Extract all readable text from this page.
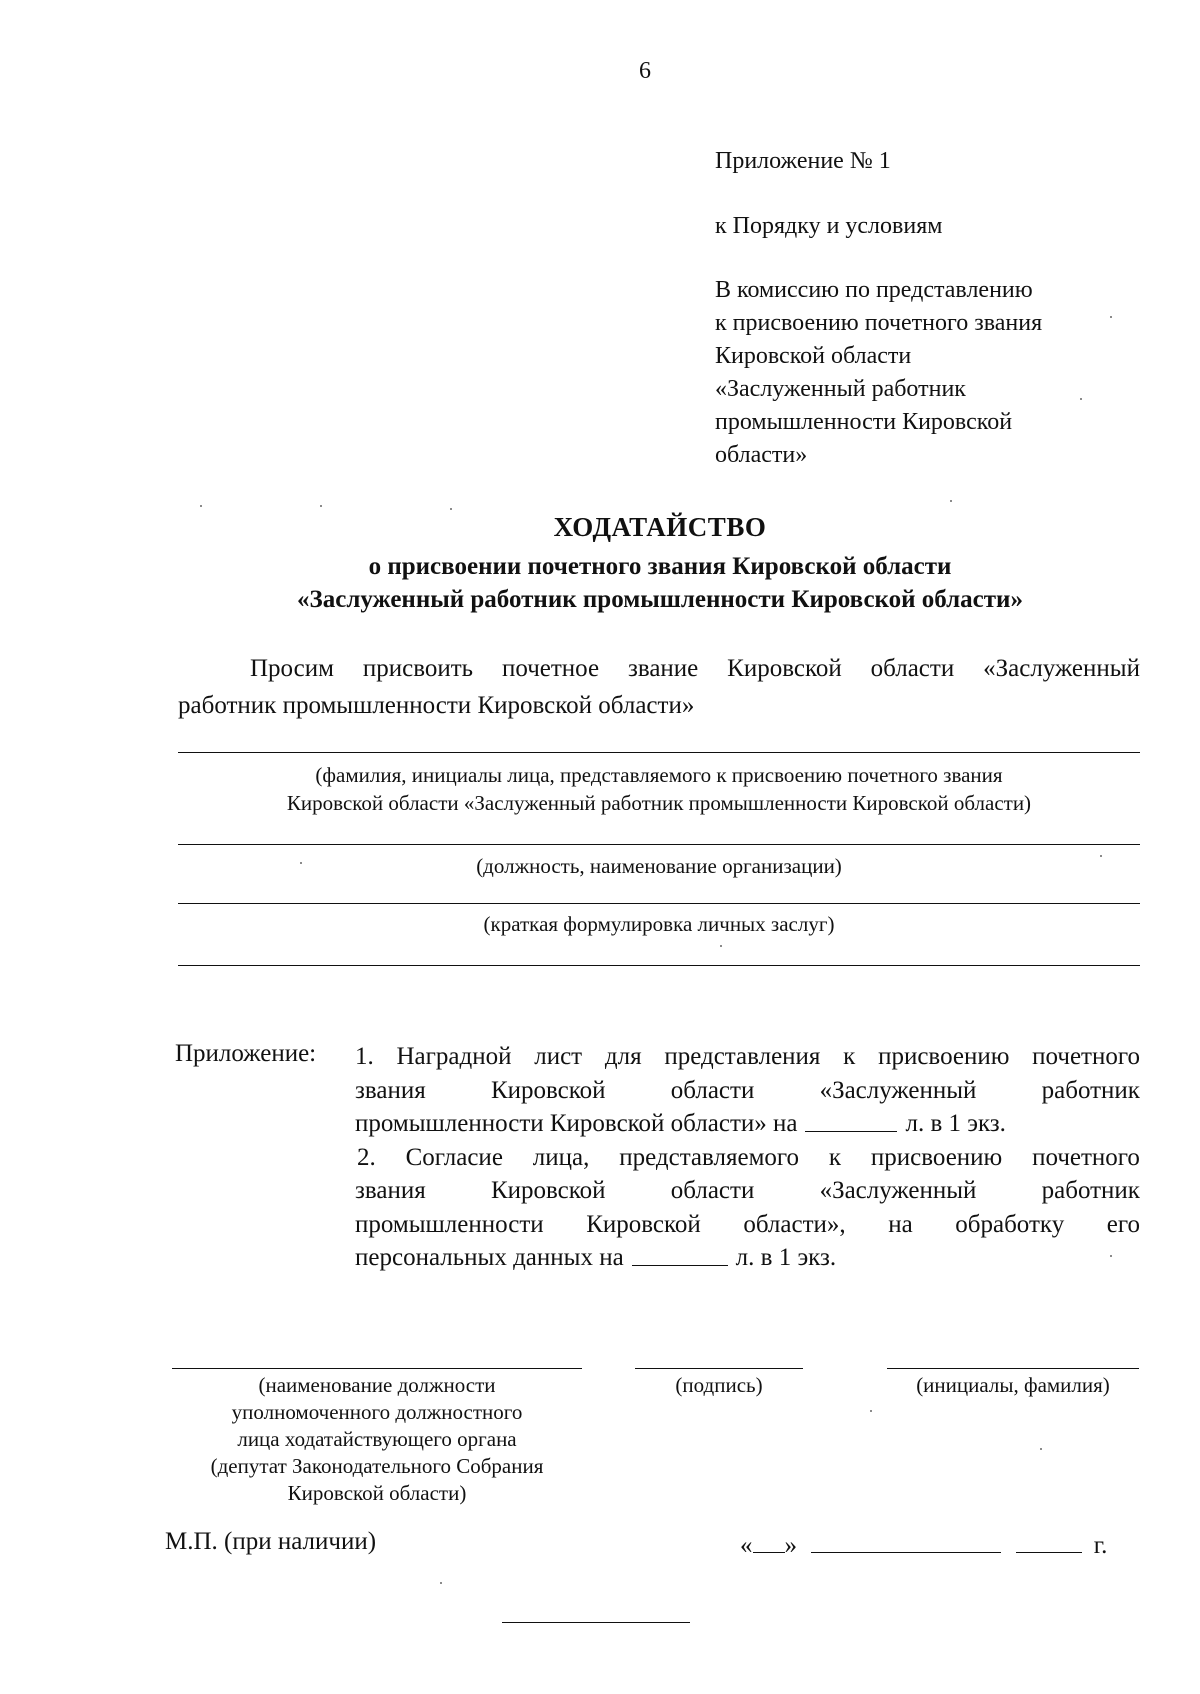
6
Приложение № 1
к Порядку и условиям
В комиссию по представлению
к присвоению почетного звания
Кировской области
«Заслуженный работник
промышленности Кировской
области»
ХОДАТАЙСТВО
о присвоении почетного звания Кировской области
«Заслуженный работник промышленности Кировской области»
Просим присвоить почетное звание Кировской области «Заслуженный
работник промышленности Кировской области»
(фамилия, инициалы лица, представляемого к присвоению почетного звания
Кировской области «Заслуженный работник промышленности Кировской области)
(должность, наименование организации)
(краткая формулировка личных заслуг)
Приложение: 1. Наградной лист для представления к присвоению почетного
звания	Кировской	области	«Заслуженный	работник
промышленности Кировской области» на	л. в 1 экз.
2. Согласие лица, представляемого к присвоению почетного
звания	Кировской	области	«Заслуженный	работник
промышленности Кировской области», на обработку его
персональных данных на	л. в 1 экз.
(наименование должности
уполномоченного должностного
лица ходатайствующего органа
(депутат Законодательного Собрания
Кировской области)
(подпись)	(инициалы, фамилия)
М.П. (при наличии)	« »	г.
